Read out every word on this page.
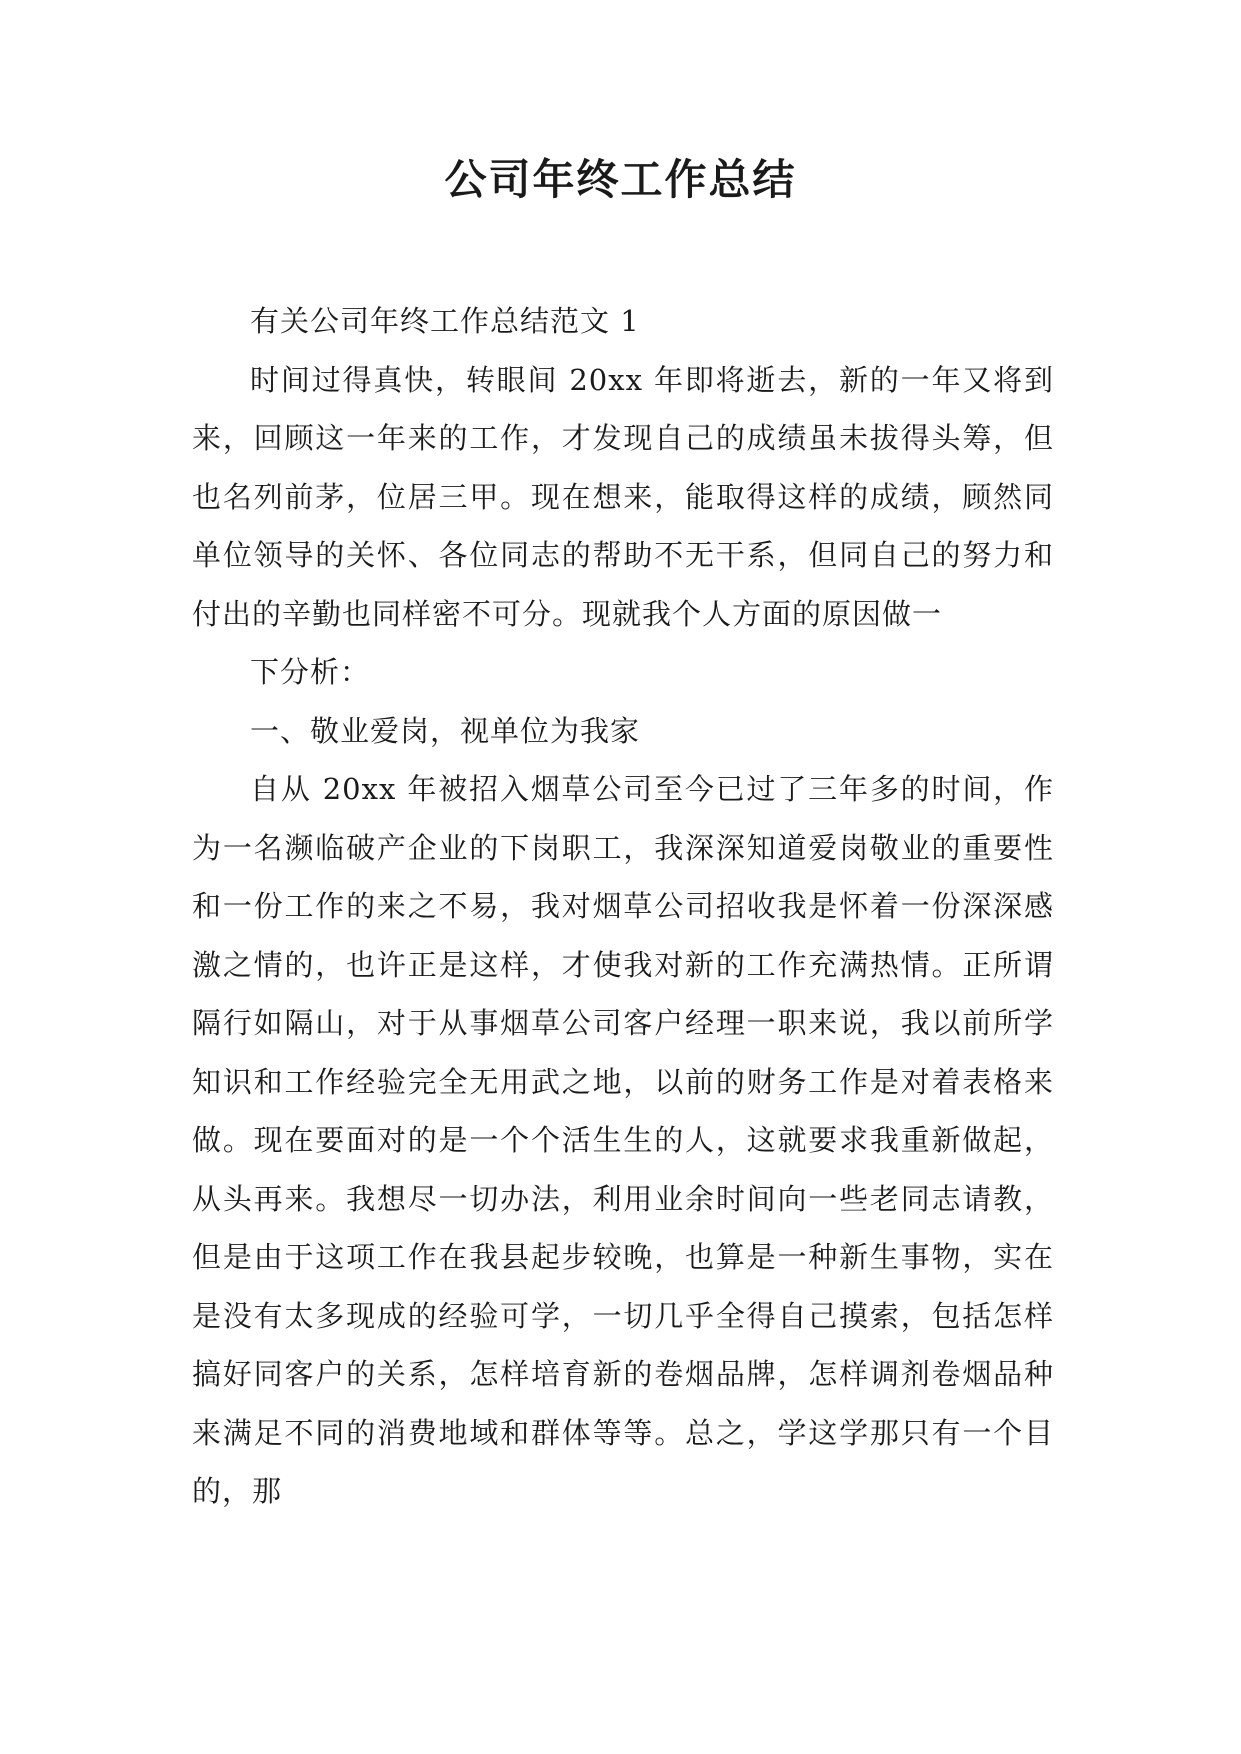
公司年终工作总结

有关公司年终工作总结范文 1

时间过得真快，转眼间 20xx 年即将逝去，新的一年又将到来，回顾这一年来的工作，才发现自己的成绩虽未拔得头筹，但也名列前茅，位居三甲。现在想来，能取得这样的成绩，顾然同单位领导的关怀、各位同志的帮助不无干系，但同自己的努力和付出的辛勤也同样密不可分。现就我个人方面的原因做一

下分析：

一、敬业爱岗，视单位为我家

自从 20xx 年被招入烟草公司至今已过了三年多的时间，作为一名濒临破产企业的下岗职工，我深深知道爱岗敬业的重要性和一份工作的来之不易，我对烟草公司招收我是怀着一份深深感激之情的，也许正是这样，才使我对新的工作充满热情。正所谓隔行如隔山，对于从事烟草公司客户经理一职来说，我以前所学知识和工作经验完全无用武之地，以前的财务工作是对着表格来做。现在要面对的是一个个活生生的人，这就要求我重新做起，从头再来。我想尽一切办法，利用业余时间向一些老同志请教，但是由于这项工作在我县起步较晚，也算是一种新生事物，实在是没有太多现成的经验可学，一切几乎全得自己摸索，包括怎样搞好同客户的关系，怎样培育新的卷烟品牌，怎样调剂卷烟品种来满足不同的消费地域和群体等等。总之，学这学那只有一个目的，那
